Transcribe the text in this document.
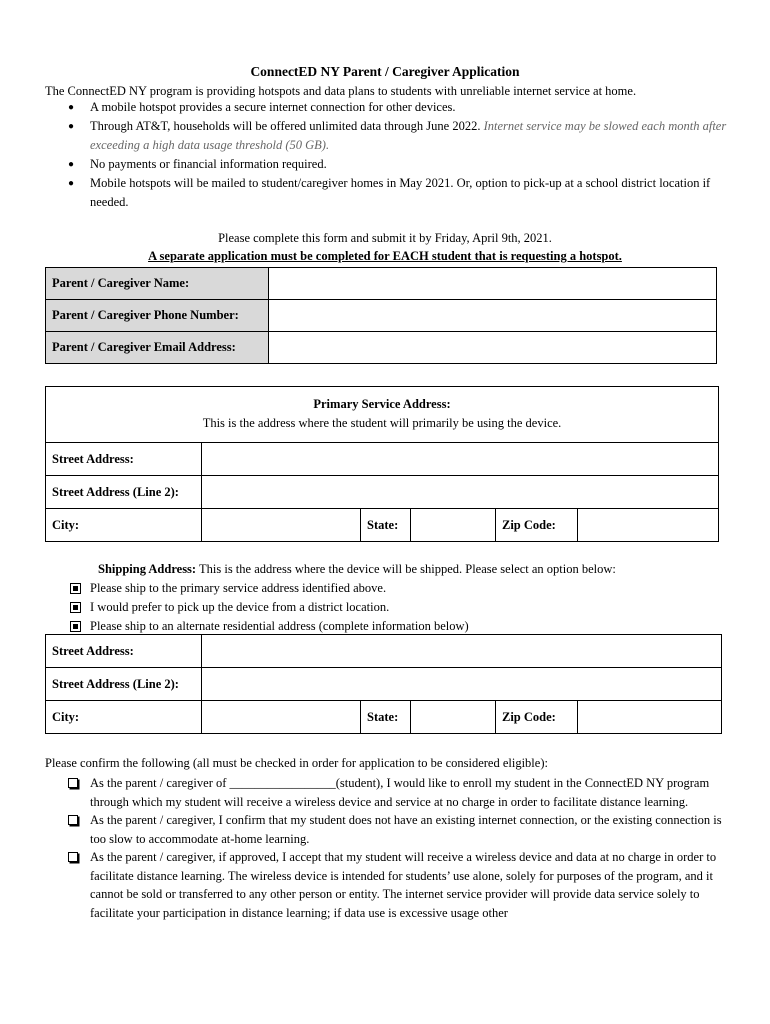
ConnectED NY Parent / Caregiver Application
The ConnectED NY program is providing hotspots and data plans to students with unreliable internet service at home.
● A mobile hotspot provides a secure internet connection for other devices.
● Through AT&T, households will be offered unlimited data through June 2022. Internet service may be slowed each month after exceeding a high data usage threshold (50 GB).
● No payments or financial information required.
● Mobile hotspots will be mailed to student/caregiver homes in May 2021. Or, option to pick-up at a school district location if needed.
Please complete this form and submit it by Friday, April 9th, 2021.
A separate application must be completed for EACH student that is requesting a hotspot.
Parent / Caregiver Name:	
Parent / Caregiver Phone Number:	
Parent / Caregiver Email Address:	
Primary Service Address:
This is the address where the student will primarily be using the device.
Street Address:
Street Address (Line 2):
City:	State:	Zip Code:
Shipping Address: This is the address where the device will be shipped. Please select an option below:
Please ship to the primary service address identified above.
I would prefer to pick up the device from a district location.
Please ship to an alternate residential address (complete information below)
Street Address:
Street Address (Line 2):
City:	State:	Zip Code:
Please confirm the following (all must be checked in order for application to be considered eligible):
As the parent / caregiver of _________________(student), I would like to enroll my student in the ConnectED NY program through which my student will receive a wireless device and service at no charge in order to facilitate distance learning.
As the parent / caregiver, I confirm that my student does not have an existing internet connection, or the existing connection is too slow to accommodate at-home learning.
As the parent / caregiver, if approved, I accept that my student will receive a wireless device and data at no charge in order to facilitate distance learning. The wireless device is intended for students’ use alone, solely for purposes of the program, and it cannot be sold or transferred to any other person or entity. The internet service provider will provide data service solely to facilitate your participation in distance learning; if data use is excessive usage other
